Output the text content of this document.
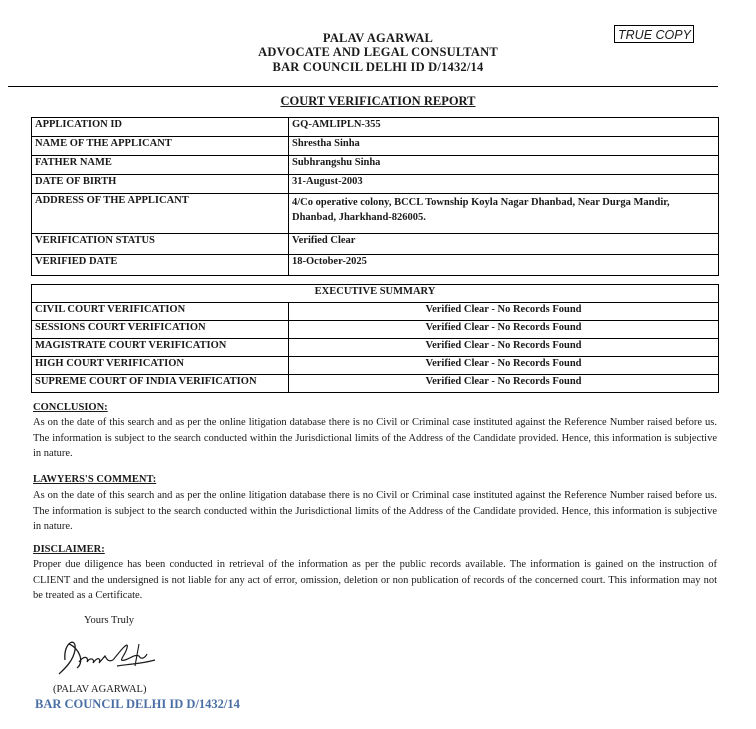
PALAV AGARWAL
ADVOCATE AND LEGAL CONSULTANT
BAR COUNCIL DELHI ID D/1432/14
TRUE COPY
COURT VERIFICATION REPORT
APPLICATION ID	GQ-AMLIPLN-355
NAME OF THE APPLICANT	Shrestha Sinha
FATHER NAME	Subhrangshu Sinha
DATE OF BIRTH	31-August-2003
ADDRESS OF THE APPLICANT	4/Co operative colony, BCCL Township Koyla Nagar Dhanbad, Near Durga Mandir, Dhanbad, Jharkhand-826005.
VERIFICATION STATUS	Verified Clear
VERIFIED DATE	18-October-2025
EXECUTIVE SUMMARY	
CIVIL COURT VERIFICATION	Verified Clear - No Records Found
SESSIONS COURT VERIFICATION	Verified Clear - No Records Found
MAGISTRATE COURT VERIFICATION	Verified Clear - No Records Found
HIGH COURT VERIFICATION	Verified Clear - No Records Found
SUPREME COURT OF INDIA VERIFICATION	Verified Clear - No Records Found
CONCLUSION:
As on the date of this search and as per the online litigation database there is no Civil or Criminal case instituted against the Reference Number raised before us. The information is subject to the search conducted within the Jurisdictional limits of the Address of the Candidate provided. Hence, this information is subjective in nature.
LAWYERS'S COMMENT:
As on the date of this search and as per the online litigation database there is no Civil or Criminal case instituted against the Reference Number raised before us. The information is subject to the search conducted within the Jurisdictional limits of the Address of the Candidate provided. Hence, this information is subjective in nature.
DISCLAIMER:
Proper due diligence has been conducted in retrieval of the information as per the public records available. The information is gained on the instruction of CLIENT and the undersigned is not liable for any act of error, omission, deletion or non publication of records of the concerned court. This information may not be treated as a Certificate.
Yours Truly
(PALAV AGARWAL)
BAR COUNCIL DELHI ID D/1432/14
